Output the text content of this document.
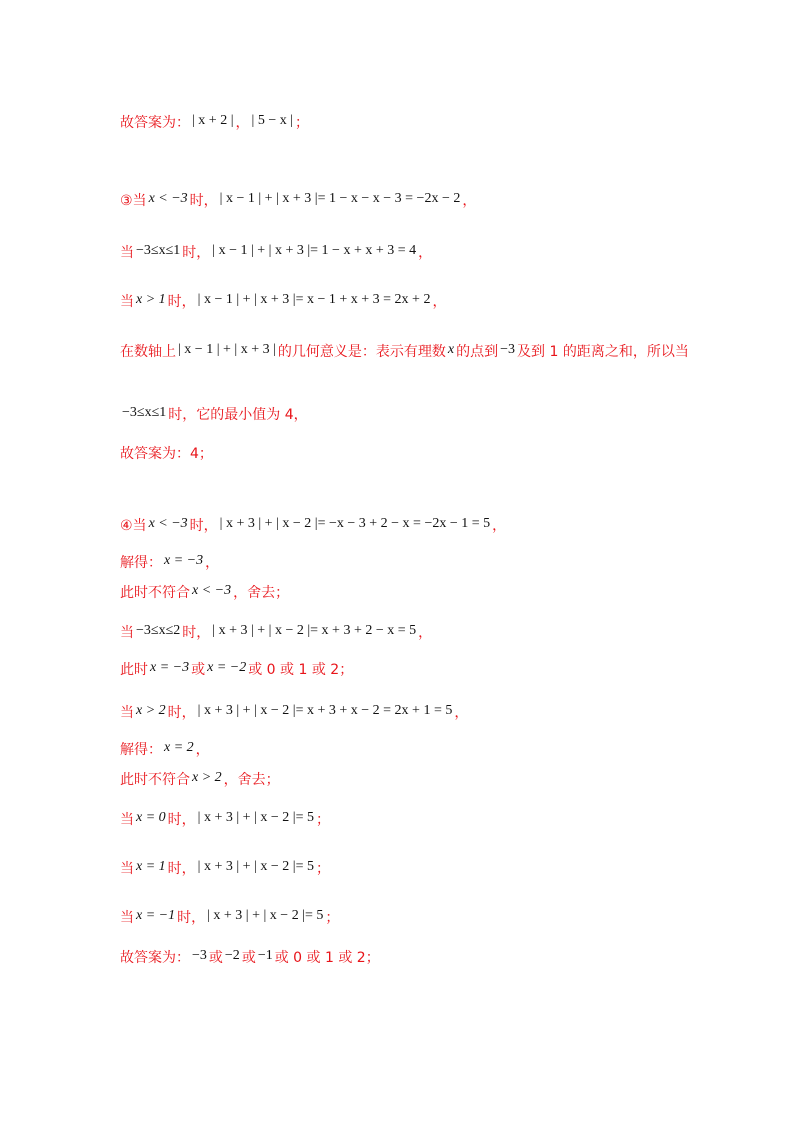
故答案为： | x + 2 | ， | 5 − x | ；
③当 x < −3 时， | x − 1 | + | x + 3 |= 1 − x − x − 3 = −2x − 2 ，
当 −3≤x≤1 时， | x − 1 | + | x + 3 |= 1 − x + x + 3 = 4 ，
当 x > 1 时， | x − 1 | + | x + 3 |= x − 1 + x + 3 = 2x + 2 ，
在数轴上 | x − 1 | + | x + 3 | 的几何意义是：表示有理数 x 的点到 −3 及到 1 的距离之和，所以当
−3≤x≤1 时，它的最小值为 4，
故答案为：4；
④当 x < −3 时， | x + 3 | + | x − 2 |= −x − 3 + 2 − x = −2x − 1 = 5 ，
解得： x = −3 ，
此时不符合 x < −3 ，舍去；
当 −3≤x≤2 时， | x + 3 | + | x − 2 |= x + 3 + 2 − x = 5 ，
此时 x = −3 或 x = −2 或 0 或 1 或 2；
当 x > 2 时， | x + 3 | + | x − 2 |= x + 3 + x − 2 = 2x + 1 = 5 ，
解得： x = 2 ，
此时不符合 x > 2 ，舍去；
当 x = 0 时， | x + 3 | + | x − 2 |= 5 ；
当 x = 1 时， | x + 3 | + | x − 2 |= 5 ；
当 x = −1 时， | x + 3 | + | x − 2 |= 5 ；
故答案为： −3 或 −2 或 −1 或 0 或 1 或 2；
